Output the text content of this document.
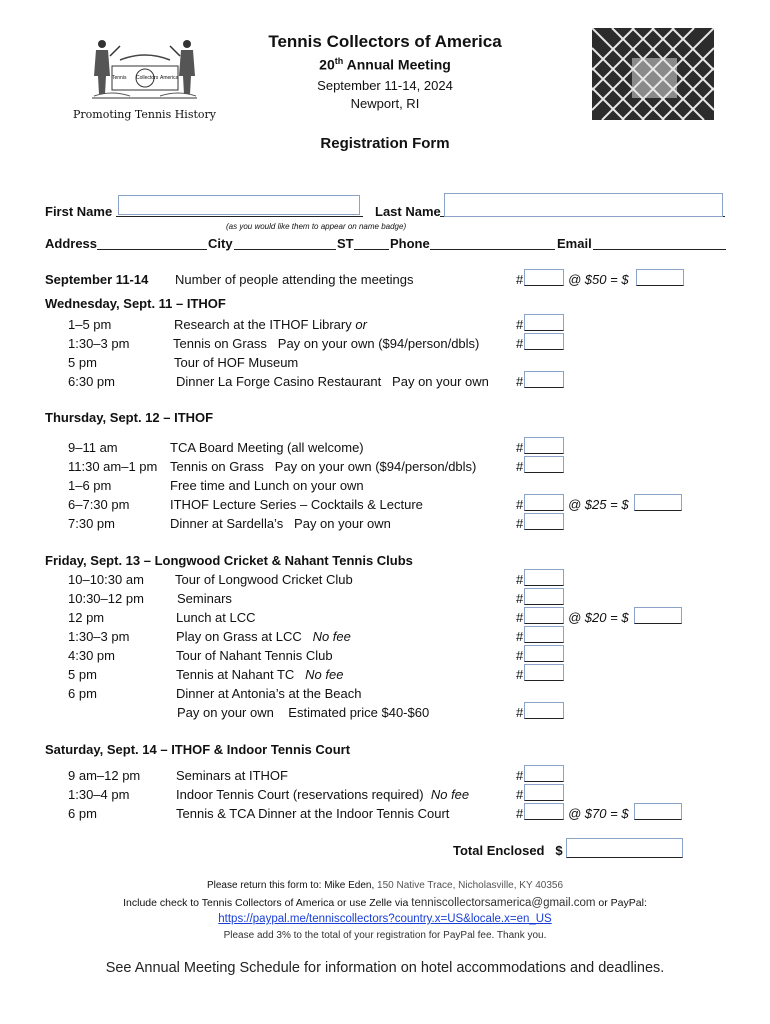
Tennis Collectors America
Promoting Tennis History
Tennis Collectors of America
20th Annual Meeting
September 11-14, 2024
Newport, RI
Registration Form
First Name	Last Name
(as you would like them to appear on name badge)
Address	City	ST	Phone	Email
September 11-14 Number of people attending the meetings	#	@ $50 = $
Wednesday, Sept. 11 – ITHOF
1–5 pm	Research at the ITHOF Library or	#
1:30–3 pm	Tennis on Grass   Pay on your own ($94/person/dbls)	#
5 pm	Tour of HOF Museum
6:30 pm	Dinner La Forge Casino Restaurant   Pay on your own #
Thursday, Sept. 12 – ITHOF
9–11 am	TCA Board Meeting (all welcome)	#
11:30 am–1 pm Tennis on Grass   Pay on your own ($94/person/dbls)	#
1–6 pm	Free time and Lunch on your own
6–7:30 pm	ITHOF Lecture Series – Cocktails & Lecture	#	@ $25 = $
7:30 pm	Dinner at Sardella’s   Pay on your own	#
Friday, Sept. 13 – Longwood Cricket & Nahant Tennis Clubs
10–10:30 am Tour of Longwood Cricket Club	#
10:30–12 pm	Seminars	#
12 pm	Lunch at LCC	#	@ $20 = $
1:30–3 pm	Play on Grass at LCC No fee	#
4:30 pm	Tour of Nahant Tennis Club	#
5 pm	Tennis at Nahant TC No fee	#
6 pm	Dinner at Antonia’s at the Beach
Pay on your own    Estimated price $40-$60	#
Saturday, Sept. 14 – ITHOF & Indoor Tennis Court
9 am–12 pm	Seminars at ITHOF	#
1:30–4 pm	Indoor Tennis Court (reservations required) No fee	#
6 pm	Tennis & TCA Dinner at the Indoor Tennis Court	#	@ $70 = $
Total Enclosed   $
Please return this form to: Mike Eden, 150 Native Trace, Nicholasville, KY 40356
Include check to Tennis Collectors of America or use Zelle via tenniscollectorsamerica@gmail.com or PayPal:
https://paypal.me/tenniscollectors?country.x=US&locale.x=en_US
Please add 3% to the total of your registration for PayPal fee. Thank you.
See Annual Meeting Schedule for information on hotel accommodations and deadlines.
